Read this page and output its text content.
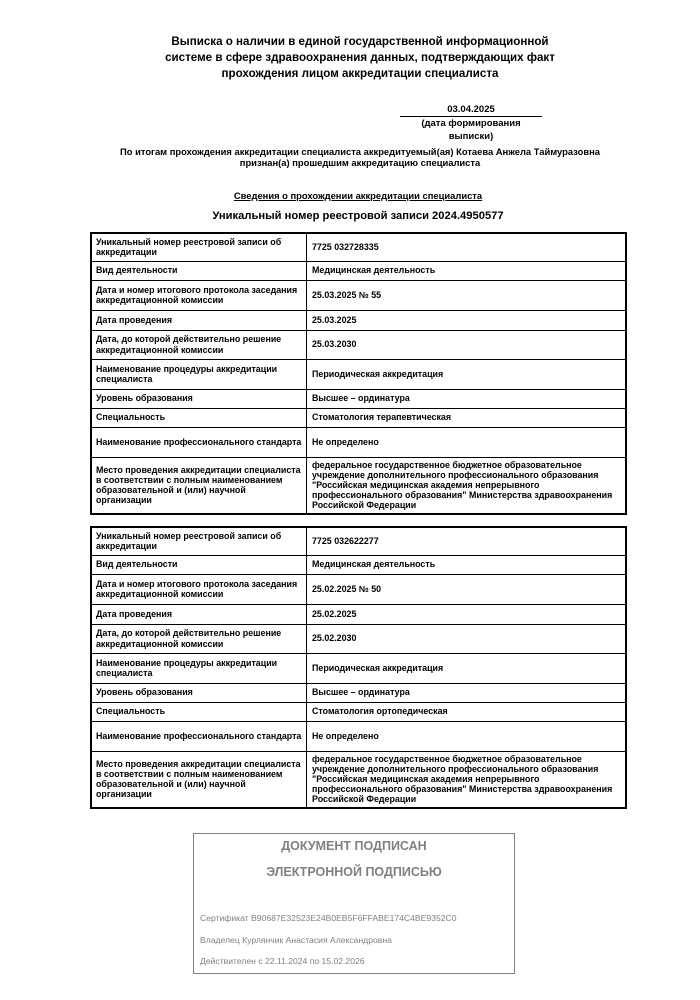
Выписка о наличии в единой государственной информационной
системе в сфере здравоохранения данных, подтверждающих факт
прохождения лицом аккредитации специалиста
03.04.2025
(дата формирования выписки)
По итогам прохождения аккредитации специалиста аккредитуемый(ая) Котаева Анжела Таймуразовна
признан(а) прошедшим аккредитацию специалиста
Сведения о прохождении аккредитации специалиста
Уникальный номер реестровой записи 2024.4950577
Уникальный номер реестровой записи об аккредитации	7725 032728335
Вид деятельности	Медицинская деятельность
Дата и номер итогового протокола заседания аккредитационной комиссии	25.03.2025 № 55
Дата проведения	25.03.2025
Дата, до которой действительно решение аккредитационной комиссии	25.03.2030
Наименование процедуры аккредитации специалиста	Периодическая аккредитация
Уровень образования	Высшее – ординатура
Специальность	Стоматология терапевтическая
Наименование профессионального стандарта	Не определено
Место проведения аккредитации специалиста в соответствии с полным наименованием образовательной и (или) научной организации	федеральное государственное бюджетное образовательное учреждение дополнительного профессионального образования "Российская медицинская академия непрерывного профессионального образования" Министерства здравоохранения Российской Федерации
Уникальный номер реестровой записи об аккредитации	7725 032622277
Вид деятельности	Медицинская деятельность
Дата и номер итогового протокола заседания аккредитационной комиссии	25.02.2025 № 50
Дата проведения	25.02.2025
Дата, до которой действительно решение аккредитационной комиссии	25.02.2030
Наименование процедуры аккредитации специалиста	Периодическая аккредитация
Уровень образования	Высшее – ординатура
Специальность	Стоматология ортопедическая
Наименование профессионального стандарта	Не определено
Место проведения аккредитации специалиста в соответствии с полным наименованием образовательной и (или) научной организации	федеральное государственное бюджетное образовательное учреждение дополнительного профессионального образования "Российская медицинская академия непрерывного профессионального образования" Министерства здравоохранения Российской Федерации
ДОКУМЕНТ ПОДПИСАН
ЭЛЕКТРОННОЙ ПОДПИСЬЮ
Сертификат B90687E32523E24B0EB5F6FFABE174C4BE9352C0
Владелец Курлянчик Анастасия Александровна
Действителен с 22.11.2024 по 15.02.2026
